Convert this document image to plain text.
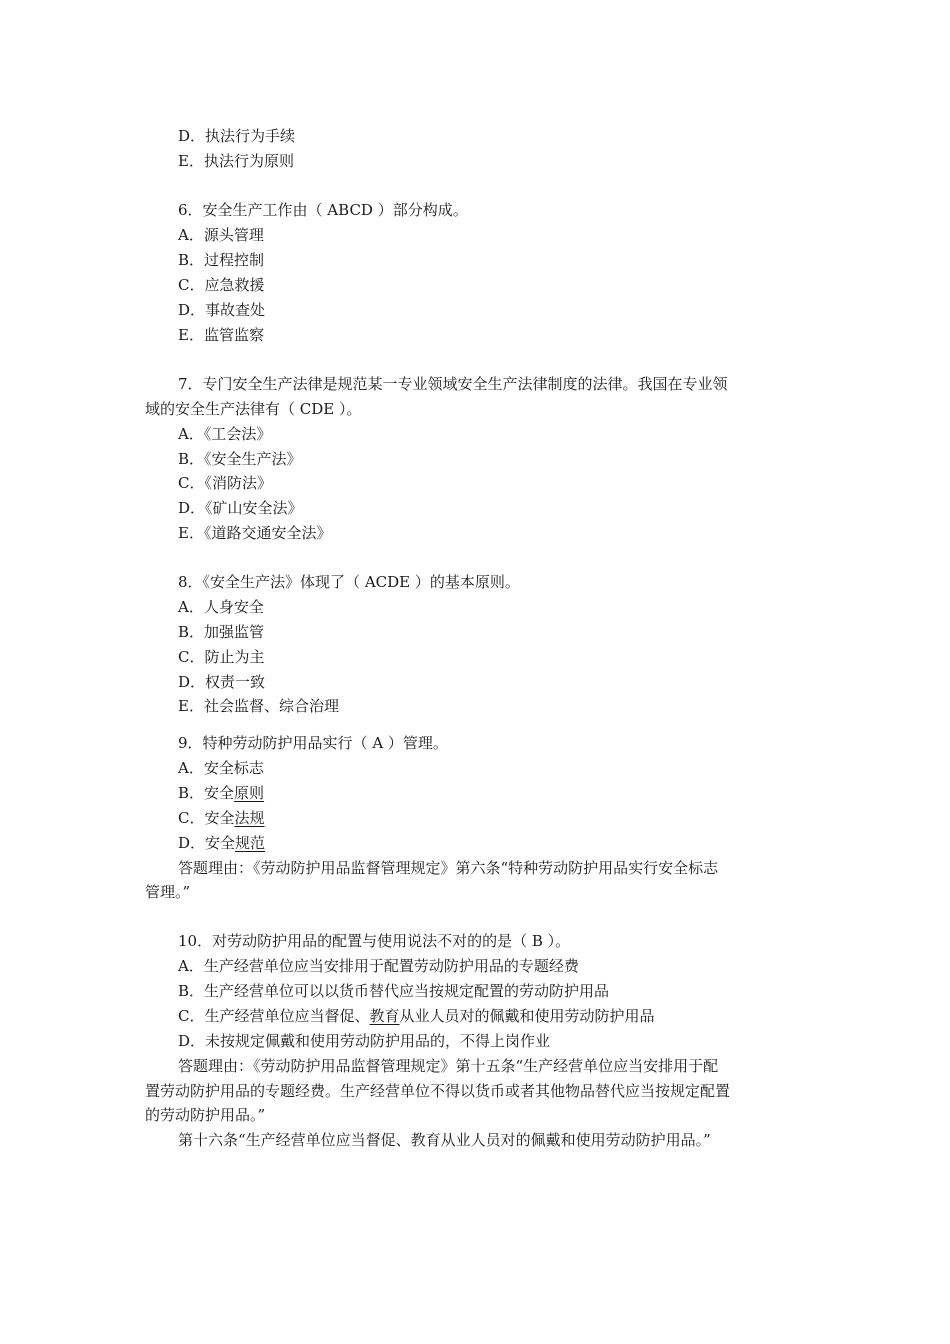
D．执法行为手续
E．执法行为原则
6．安全生产工作由（ ABCD ）部分构成。
A．源头管理
B．过程控制
C．应急救援
D．事故查处
E．监管监察
7．专门安全生产法律是规范某一专业领域安全生产法律制度的法律。我国在专业领
域的安全生产法律有（ CDE ）。
A．《工会法》
B．《安全生产法》
C．《消防法》
D．《矿山安全法》
E．《道路交通安全法》
8．《安全生产法》体现了（ ACDE ）的基本原则。
A．人身安全
B．加强监管
C．防止为主
D．权责一致
E．社会监督、综合治理
9．特种劳动防护用品实行（ A ）管理。
A．安全标志
B．安全原则
C．安全法规
D．安全规范
答题理由：《劳动防护用品监督管理规定》第六条“特种劳动防护用品实行安全标志
管理。”
10．对劳动防护用品的配置与使用说法不对的的是（ B ）。
A．生产经营单位应当安排用于配置劳动防护用品的专题经费
B．生产经营单位可以以货币替代应当按规定配置的劳动防护用品
C．生产经营单位应当督促、教育从业人员对的佩戴和使用劳动防护用品
D．未按规定佩戴和使用劳动防护用品的，不得上岗作业
答题理由：《劳动防护用品监督管理规定》第十五条“生产经营单位应当安排用于配
置劳动防护用品的专题经费。生产经营单位不得以货币或者其他物品替代应当按规定配置
的劳动防护用品。”
第十六条“生产经营单位应当督促、教育从业人员对的佩戴和使用劳动防护用品。”
